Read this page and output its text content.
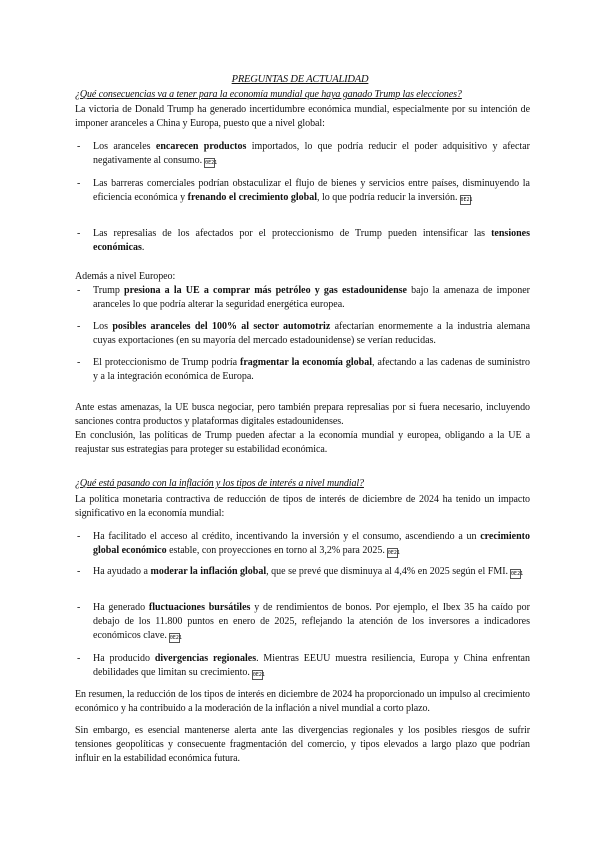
PREGUNTAS DE ACTUALIDAD
¿Qué consecuencias va a tener para la economía mundial que haya ganado Trump las elecciones?
La victoria de Donald Trump ha generado incertidumbre económica mundial, especialmente por su intención de imponer aranceles a China y Europa, puesto que a nivel global:
- Los aranceles encarecen productos importados, lo que podría reducir el poder adquisitivo y afectar negativamente al consumo. 0E21
- Las barreras comerciales podrían obstaculizar el flujo de bienes y servicios entre países, disminuyendo la eficiencia económica y frenando el crecimiento global, lo que podría reducir la inversión. 0E21
- Las represalias de los afectados por el proteccionismo de Trump pueden intensificar las tensiones económicas.
Además a nivel Europeo:
- Trump presiona a la UE a comprar más petróleo y gas estadounidense bajo la amenaza de imponer aranceles lo que podría alterar la seguridad energética europea.
- Los posibles aranceles del 100% al sector automotriz afectarían enormemente a la industria alemana cuyas exportaciones (en su mayoría del mercado estadounidense) se verían reducidas.
- El proteccionismo de Trump podría fragmentar la economía global, afectando a las cadenas de suministro y a la integración económica de Europa.
Ante estas amenazas, la UE busca negociar, pero también prepara represalias por si fuera necesario, incluyendo sanciones contra productos y plataformas digitales estadounidenses.
En conclusión, las políticas de Trump pueden afectar a la economía mundial y europea, obligando a la UE a reajustar sus estrategias para proteger su estabilidad económica.
¿Qué está pasando con la inflación y los tipos de interés a nivel mundial?
La política monetaria contractiva de reducción de tipos de interés de diciembre de 2024 ha tenido un impacto significativo en la economía mundial:
- Ha facilitado el acceso al crédito, incentivando la inversión y el consumo, ascendiendo a un crecimiento global económico estable, con proyecciones en torno al 3,2% para 2025. 0E21
- Ha ayudado a moderar la inflación global, que se prevé que disminuya al 4,4% en 2025 según el FMI. 0E21
- Ha generado fluctuaciones bursátiles y de rendimientos de bonos. Por ejemplo, el Ibex 35 ha caído por debajo de los 11.800 puntos en enero de 2025, reflejando la atención de los inversores a indicadores económicos clave. 0E21
- Ha producido divergencias regionales. Mientras EEUU muestra resiliencia, Europa y China enfrentan debilidades que limitan su crecimiento. 0E21
En resumen, la reducción de los tipos de interés en diciembre de 2024 ha proporcionado un impulso al crecimiento económico y ha contribuido a la moderación de la inflación a nivel mundial a corto plazo.
Sin embargo, es esencial mantenerse alerta ante las divergencias regionales y los posibles riesgos de sufrir tensiones geopolíticas y consecuente fragmentación del comercio, y tipos elevados a largo plazo que podrían influir en la estabilidad económica futura.
